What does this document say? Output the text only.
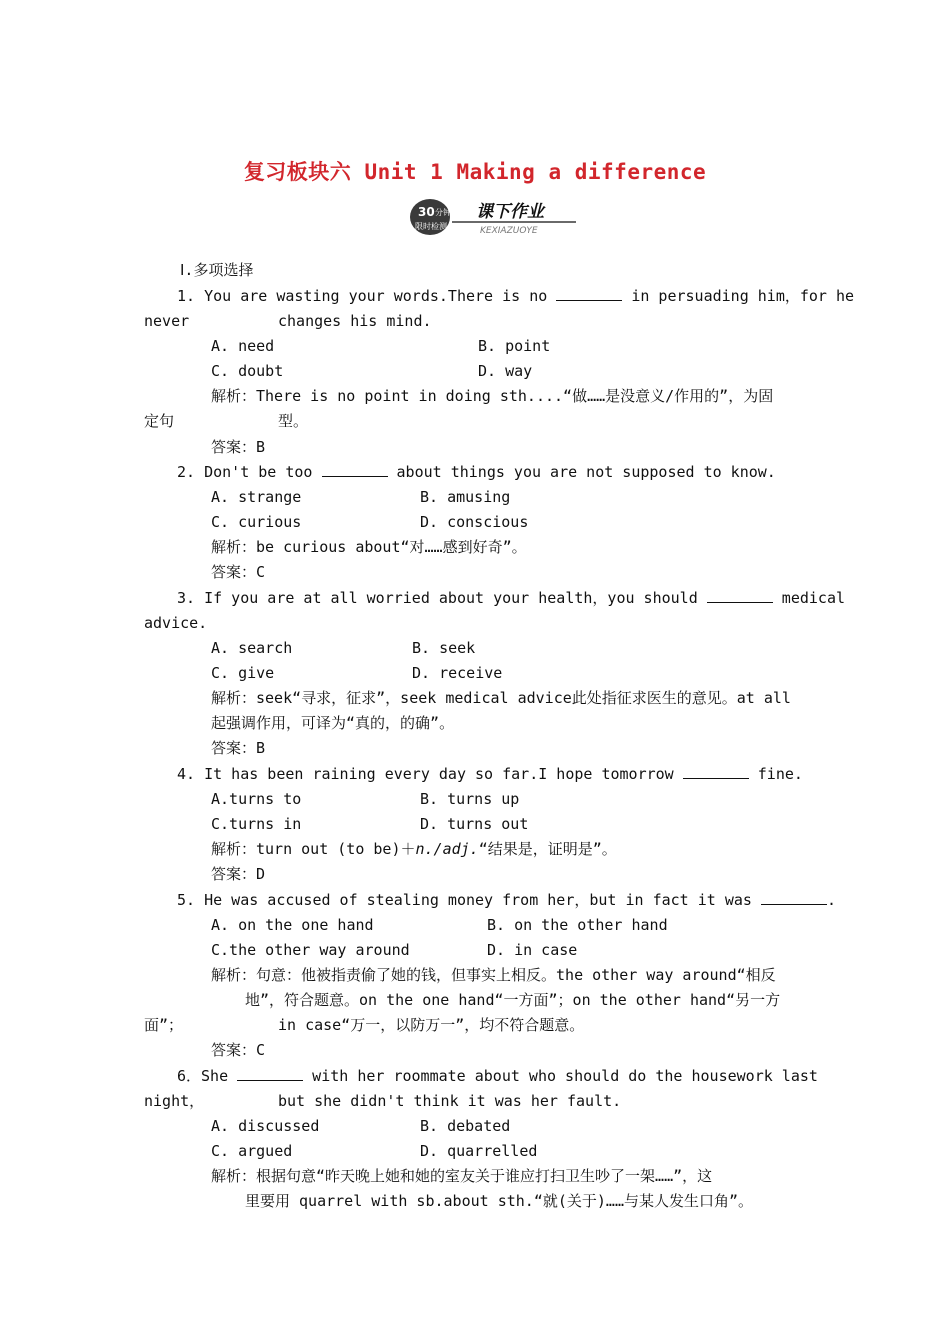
复习板块六 Unit 1 Making a difference
30 分钟
限时检测
课下作业
KEXIAZUOYE
Ⅰ.多项选择
1. You are wasting your words.There is no	in persuading him，for he
never	changes his mind.
A. need	B. point
C. doubt	D. way
解析：There is no point in doing sth....“做……是没意义/作用的”，为固
定句	型。
答案：B
2. Don't be too	about things you are not supposed to know.
A. strange	B. amusing
C. curious	D. conscious
解析：be curious about“对……感到好奇”。
答案：C
3. If you are at all worried about your health，you should	medical
advice.
A. search	B. seek
C. give	D. receive
解析：seek“寻求，征求”，seek medical advice此处指征求医生的意见。at all
起强调作用，可译为“真的，的确”。
答案：B
4. It has been raining every day so far.I hope tomorrow	fine.
A.turns to	B. turns up
C.turns in	D. turns out
解析：turn out (to be)＋n./adj.“结果是，证明是”。
答案：D
5. He was accused of stealing money from her，but in fact it was	.
A. on the one hand	B. on the other hand
C.the other way around	D. in case
解析：句意：他被指责偷了她的钱，但事实上相反。the other way around“相反
地”，符合题意。on the one hand“一方面”；on the other hand“另一方
面”；	in case“万一，以防万一”，均不符合题意。
答案：C
6．She	with her roommate about who should do the housework last
night，	but she didn't think it was her fault.
A. discussed	B. debated
C. argued	D. quarrelled
解析：根据句意“昨天晚上她和她的室友关于谁应打扫卫生吵了一架……”，这
里要用 quarrel with sb.about sth.“就(关于)……与某人发生口角”。
